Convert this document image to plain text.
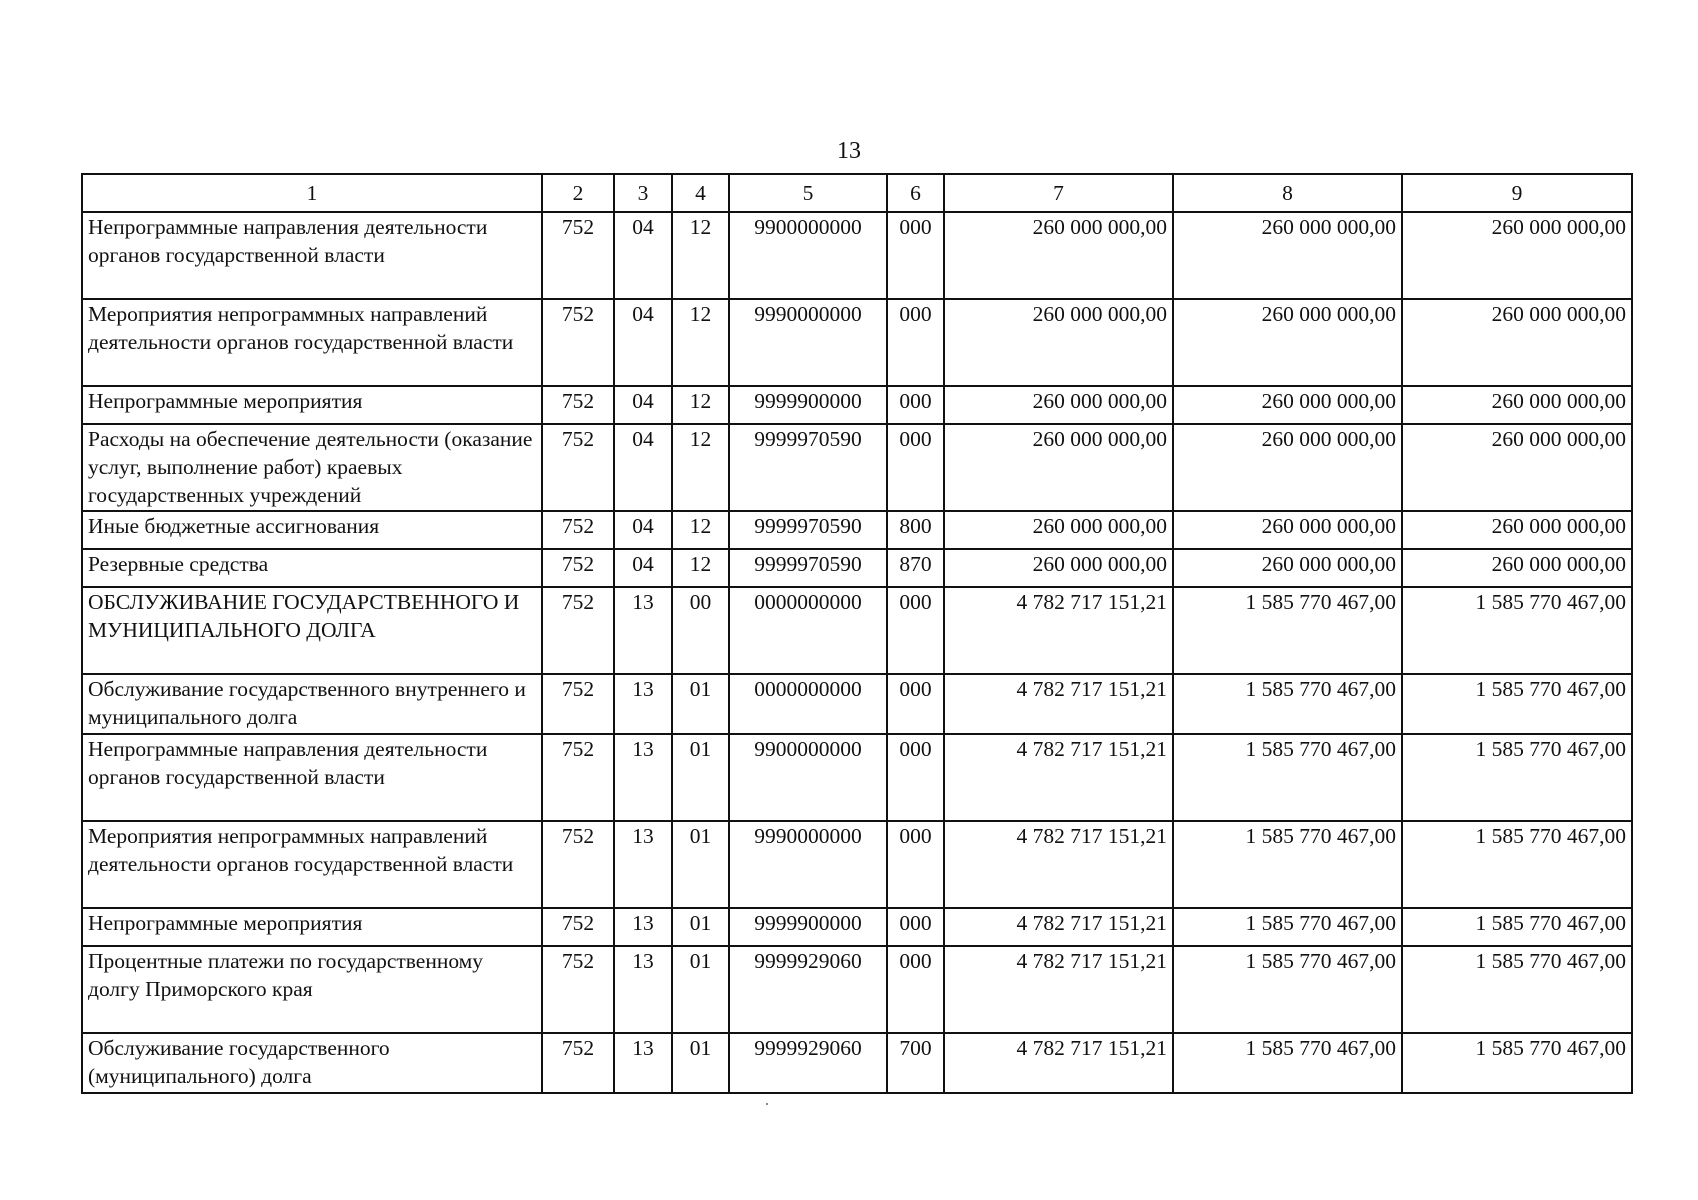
13
1	2	3	4	5	6	7	8	9
Непрограммные направления деятельности органов государственной власти	752	04	12	9900000000	000	260 000 000,00	260 000 000,00	260 000 000,00
Мероприятия непрограммных направлений деятельности органов государственной власти	752	04	12	9990000000	000	260 000 000,00	260 000 000,00	260 000 000,00
Непрограммные мероприятия	752	04	12	9999900000	000	260 000 000,00	260 000 000,00	260 000 000,00
Расходы на обеспечение деятельности (оказание услуг, выполнение работ) краевых государственных учреждений	752	04	12	9999970590	000	260 000 000,00	260 000 000,00	260 000 000,00
Иные бюджетные ассигнования	752	04	12	9999970590	800	260 000 000,00	260 000 000,00	260 000 000,00
Резервные средства	752	04	12	9999970590	870	260 000 000,00	260 000 000,00	260 000 000,00
ОБСЛУЖИВАНИЕ ГОСУДАРСТВЕННОГО И МУНИЦИПАЛЬНОГО ДОЛГА	752	13	00	0000000000	000	4 782 717 151,21	1 585 770 467,00	1 585 770 467,00
Обслуживание государственного внутреннего и муниципального долга	752	13	01	0000000000	000	4 782 717 151,21	1 585 770 467,00	1 585 770 467,00
Непрограммные направления деятельности органов государственной власти	752	13	01	9900000000	000	4 782 717 151,21	1 585 770 467,00	1 585 770 467,00
Мероприятия непрограммных направлений деятельности органов государственной власти	752	13	01	9990000000	000	4 782 717 151,21	1 585 770 467,00	1 585 770 467,00
Непрограммные мероприятия	752	13	01	9999900000	000	4 782 717 151,21	1 585 770 467,00	1 585 770 467,00
Процентные платежи по государственному долгу Приморского края	752	13	01	9999929060	000	4 782 717 151,21	1 585 770 467,00	1 585 770 467,00
Обслуживание государственного (муниципального) долга	752	13	01	9999929060	700	4 782 717 151,21	1 585 770 467,00	1 585 770 467,00
